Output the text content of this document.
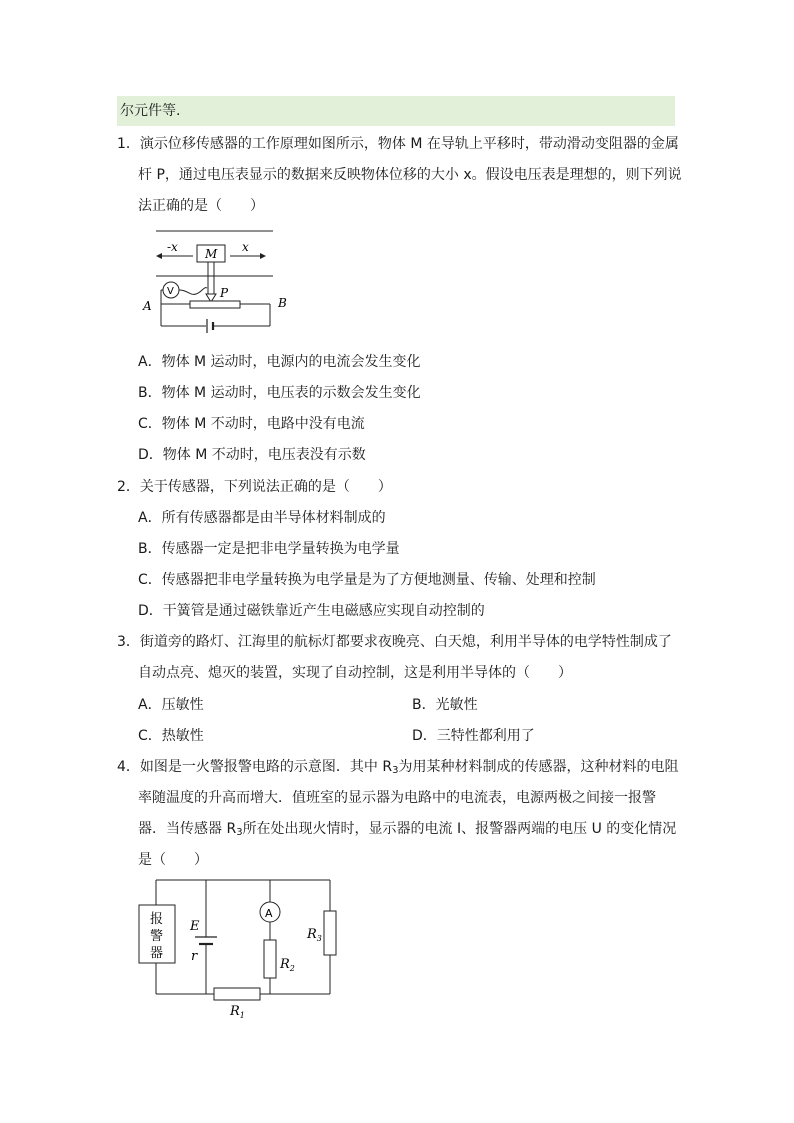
尔元件等.
1．演示位移传感器的工作原理如图所示，物体 M 在导轨上平移时，带动滑动变阻器的金属
杆 P，通过电压表显示的数据来反映物体位移的大小 x。假设电压表是理想的，则下列说
法正确的是（　　）
-x	x
M
P
V
A	B
A．物体 M 运动时，电源内的电流会发生变化
B．物体 M 运动时，电压表的示数会发生变化
C．物体 M 不动时，电路中没有电流
D．物体 M 不动时，电压表没有示数
2．关于传感器，下列说法正确的是（　　）
A．所有传感器都是由半导体材料制成的
B．传感器一定是把非电学量转换为电学量
C．传感器把非电学量转换为电学量是为了方便地测量、传输、处理和控制
D．干簧管是通过磁铁靠近产生电磁感应实现自动控制的
3．街道旁的路灯、江海里的航标灯都要求夜晚亮、白天熄，利用半导体的电学特性制成了
自动点亮、熄灭的装置，实现了自动控制，这是利用半导体的（　　）
A．压敏性	B．光敏性
C．热敏性	D．三特性都利用了
4．如图是一火警报警电路的示意图．其中 $R_3$为用某种材料制成的传感器，这种材料的电阻
率随温度的升高而增大．值班室的显示器为电路中的电流表，电源两极之间接一报警
器．当传感器 $R_3$所在处出现火情时，显示器的电流 I、报警器两端的电压 U 的变化情况
是（　　）
报
警
器
E
r
A
$R_2$
$R_3$
$R_1$
